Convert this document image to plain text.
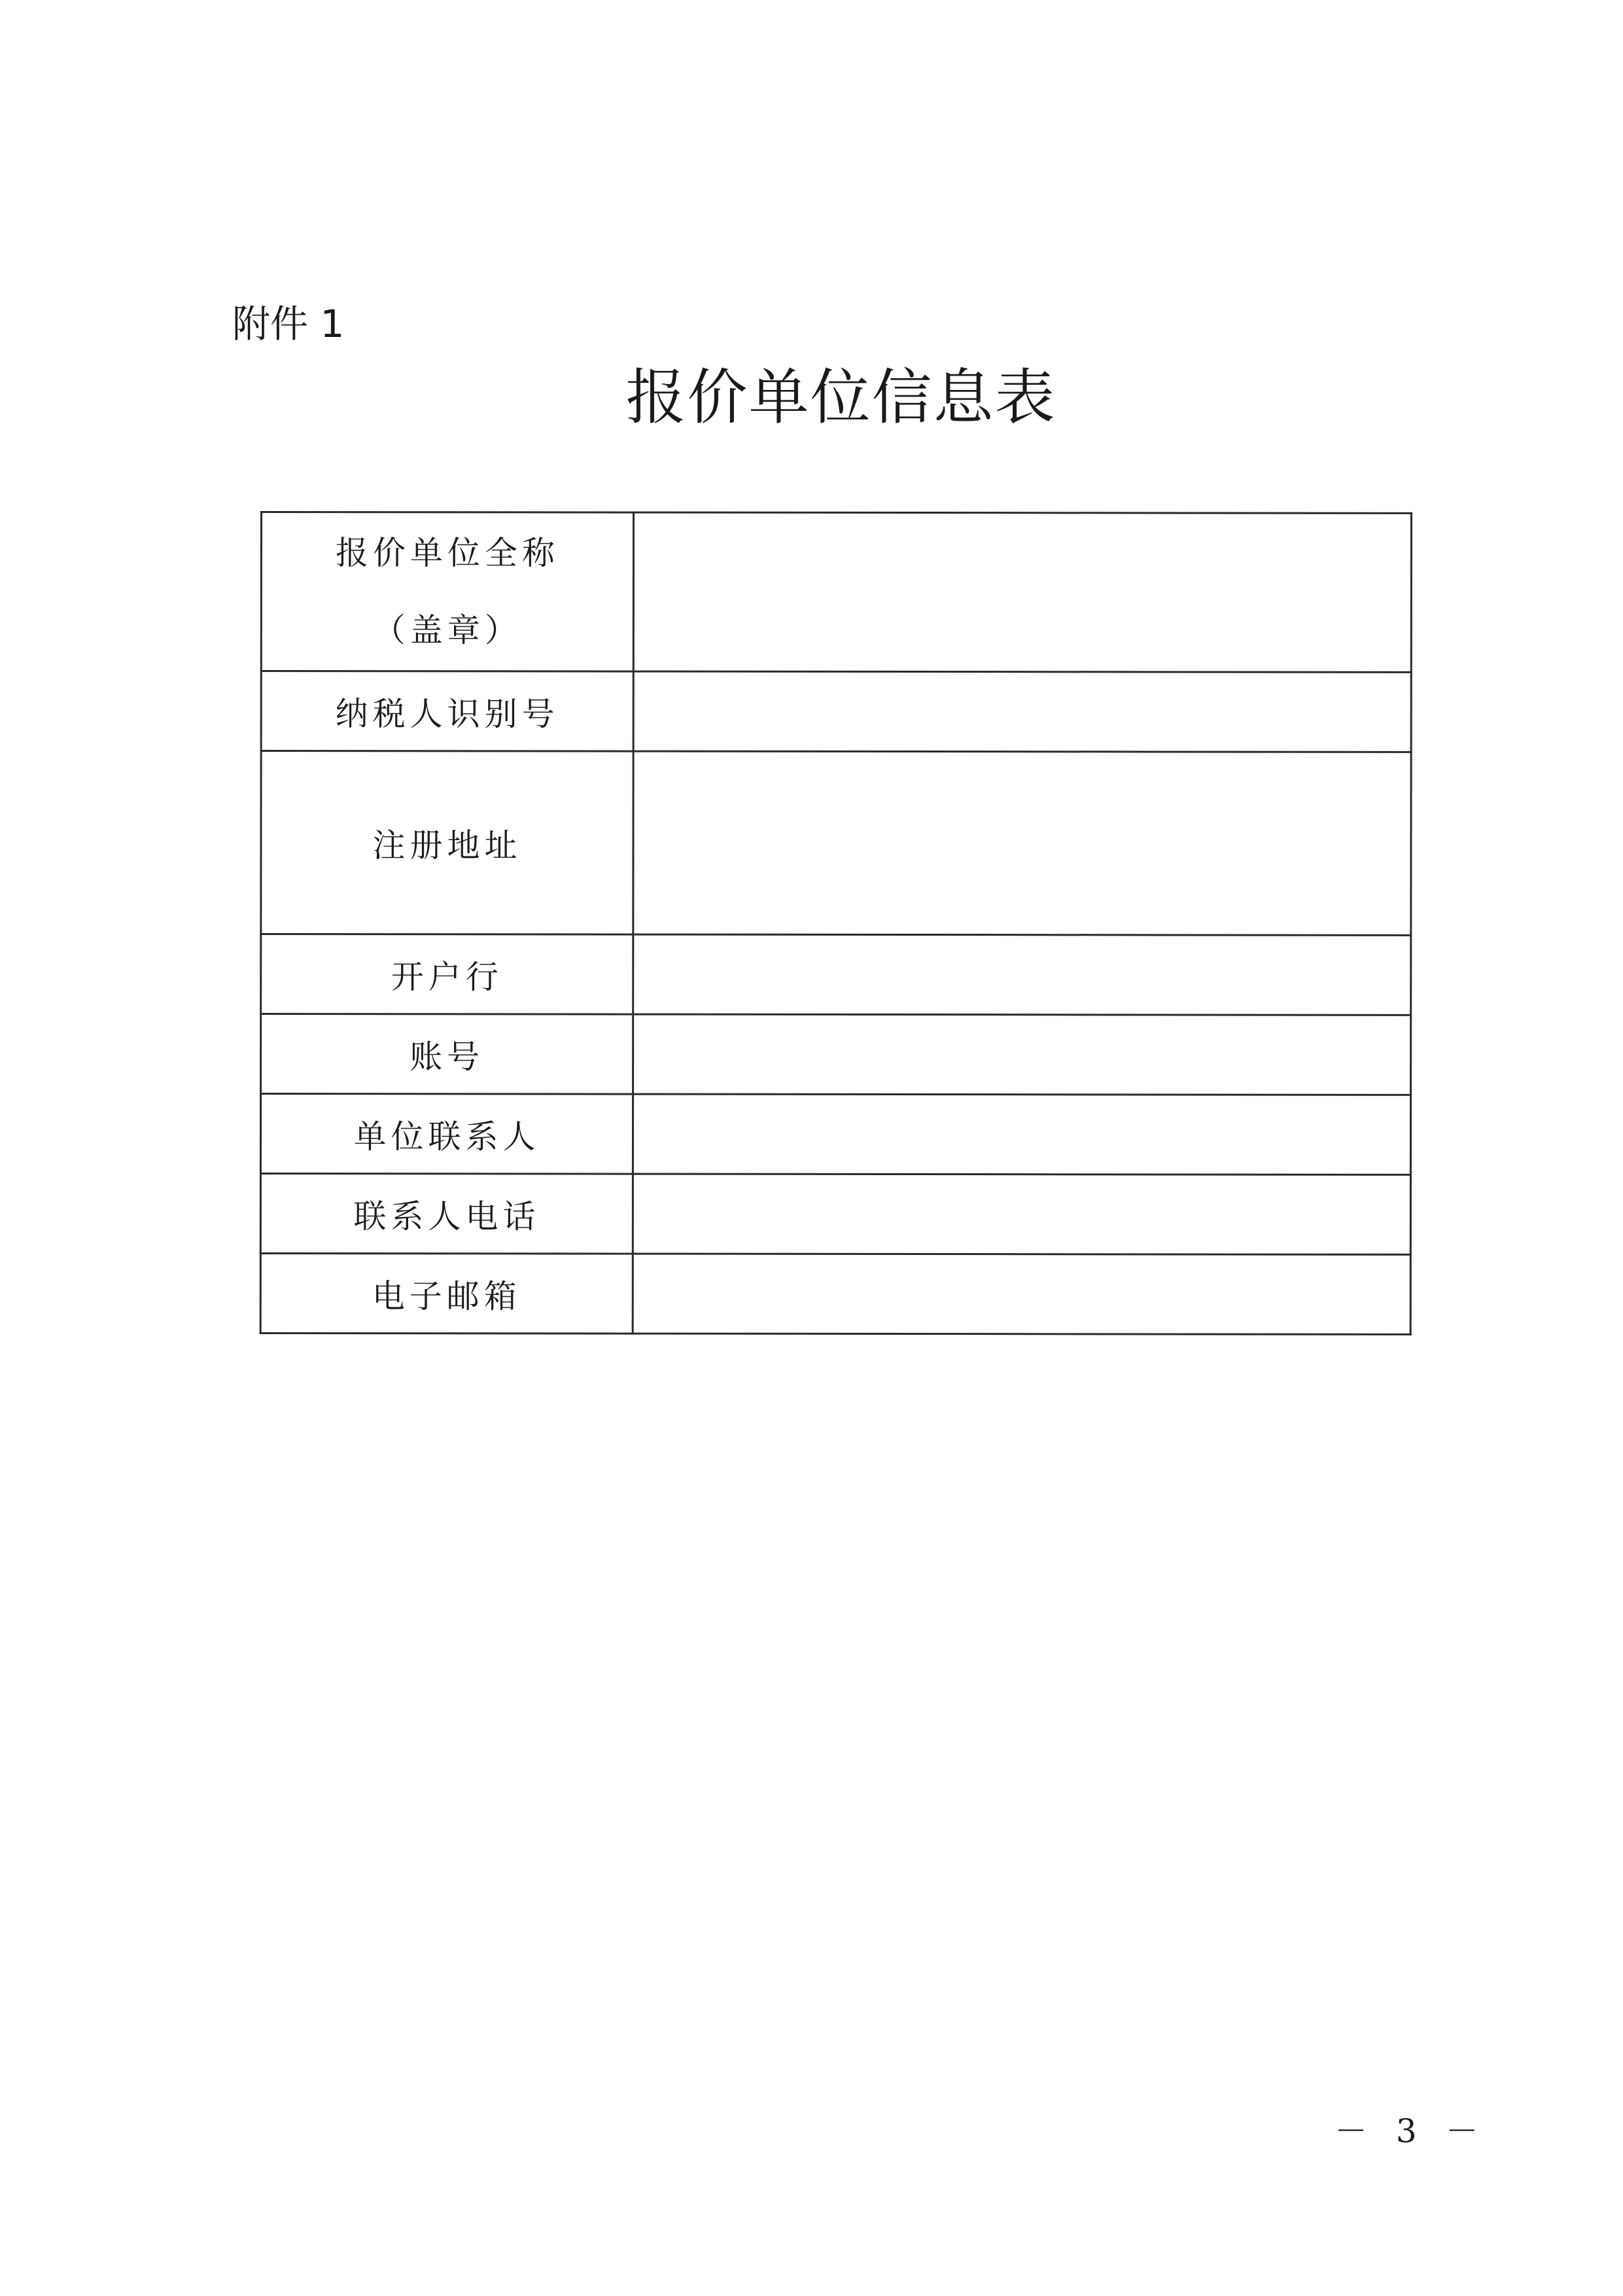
附件 1
报价单位信息表
报价单位全称
（盖章）	

纳税人识别号	
注册地址	
开户行	
账号	
单位联系人	
联系人电话	
电子邮箱	
－ 3 －
